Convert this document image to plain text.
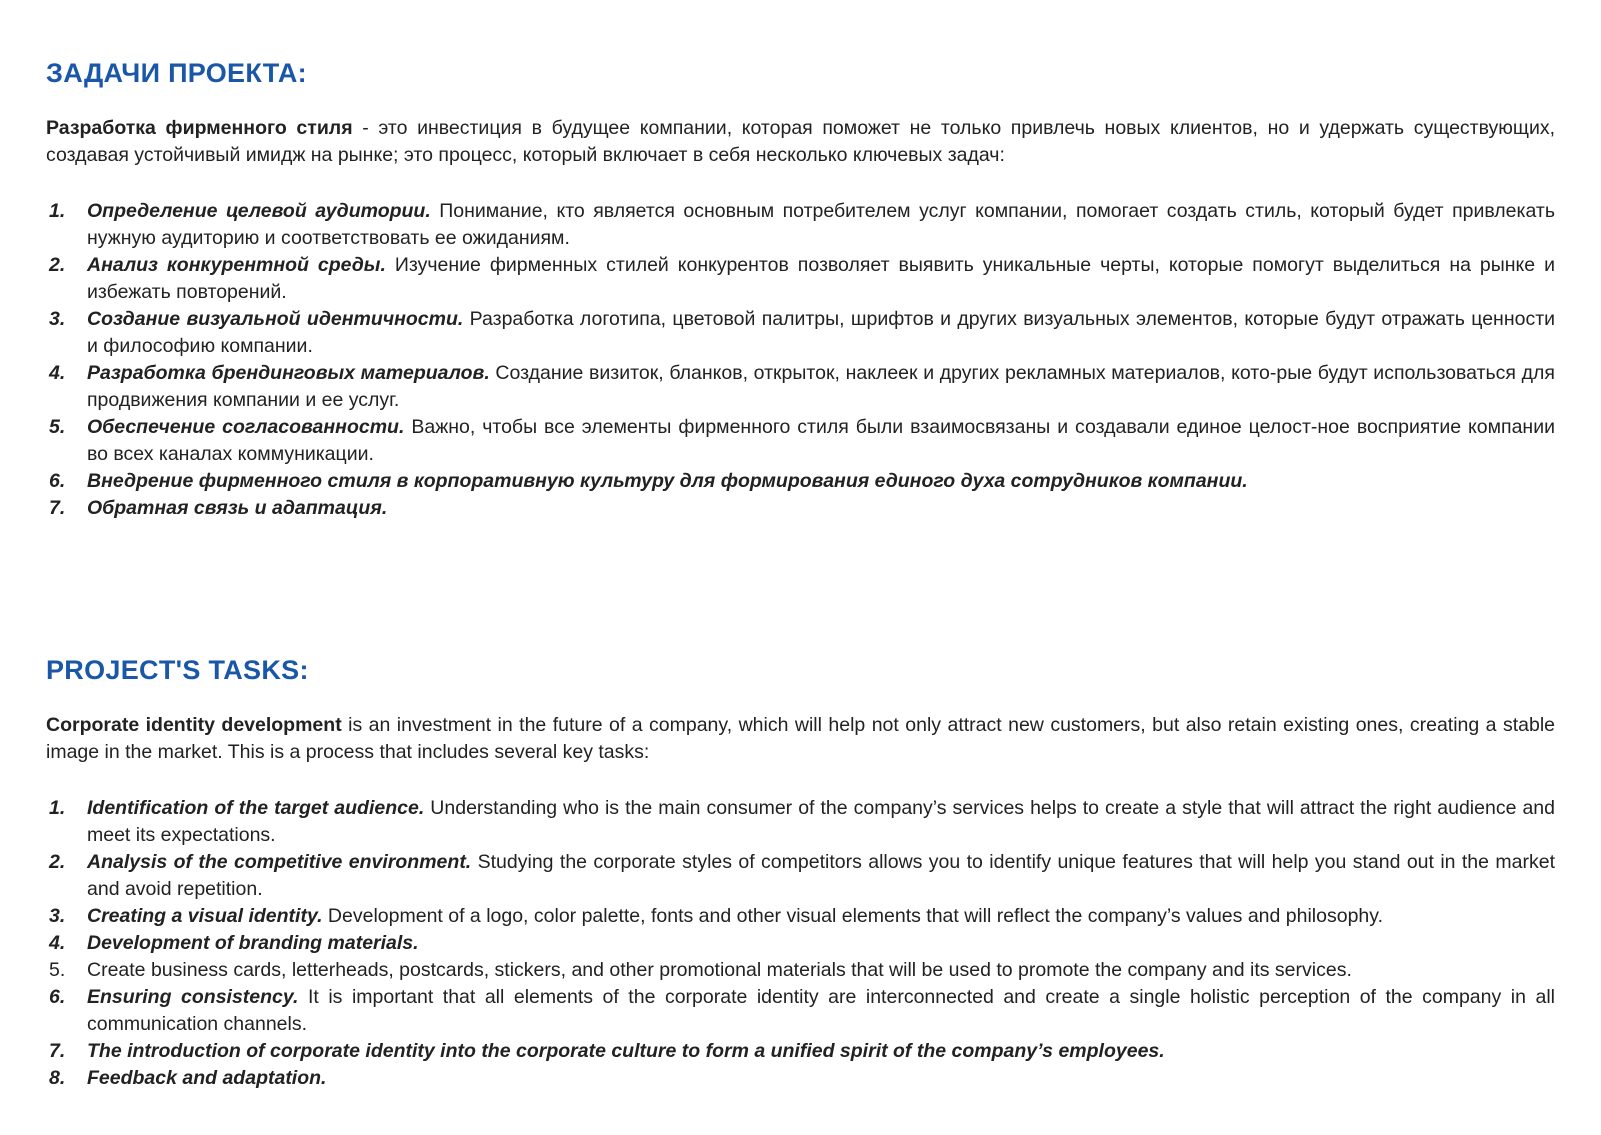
ЗАДАЧИ ПРОЕКТА:

Разработка фирменного стиля - это инвестиция в будущее компании, которая поможет не только привлечь новых клиентов, но и удержать существующих, создавая устойчивый имидж на рынке; это процесс, который включает в себя несколько ключевых задач:

1.	Определение целевой аудитории. Понимание, кто является основным потребителем услуг компании, помогает создать стиль, который будет привлекать нужную аудиторию и соответствовать ее ожиданиям.
2.	Анализ конкурентной среды. Изучение фирменных стилей конкурентов позволяет выявить уникальные черты, которые помогут выделиться на рынке и избежать повторений.
3.	Создание визуальной идентичности. Разработка логотипа, цветовой палитры, шрифтов и других визуальных элементов, которые будут отражать ценности и философию компании.
4.	Разработка брендинговых материалов. Создание визиток, бланков, открыток, наклеек и других рекламных материалов, кото-рые будут использоваться для продвижения компании и ее услуг.
5.	Обеспечение согласованности. Важно, чтобы все элементы фирменного стиля были взаимосвязаны и создавали единое целост-ное восприятие компании во всех каналах коммуникации.
6.	Внедрение фирменного стиля в корпоративную культуру для формирования единого духа сотрудников компании.
7.	Обратная связь и адаптация.
PROJECT'S TASKS:

Corporate identity development is an investment in the future of a company, which will help not only attract new customers, but also retain existing ones, creating a stable image in the market. This is a process that includes several key tasks:

1.	Identification of the target audience. Understanding who is the main consumer of the company’s services helps to create a style that will attract the right audience and meet its expectations.
2.	Analysis of the competitive environment. Studying the corporate styles of competitors allows you to identify unique features that will help you stand out in the market and avoid repetition.
3.	Creating a visual identity. Development of a logo, color palette, fonts and other visual elements that will reflect the company’s values and philosophy.
4.	Development of branding materials.
5.	Create business cards, letterheads, postcards, stickers, and other promotional materials that will be used to promote the company and its services.
6.	Ensuring consistency. It is important that all elements of the corporate identity are interconnected and create a single holistic perception of the company in all communication channels.
7.	The introduction of corporate identity into the corporate culture to form a unified spirit of the company’s employees.
8.	Feedback and adaptation.
